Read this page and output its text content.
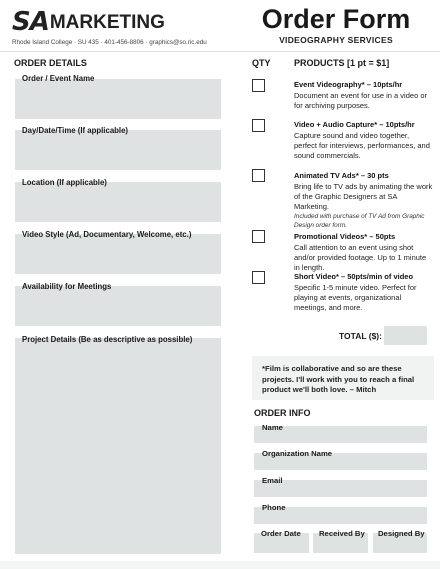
SA MARKETING
Rhode Island College · SU 435 · 401-456-8806 · graphics@so.ric.edu
Order Form
VIDEOGRAPHY SERVICES
ORDER DETAILS
Order / Event Name
Day/Date/Time (If applicable)
Location (If applicable)
Video Style (Ad, Documentary, Welcome, etc.)
Availability for Meetings
Project Details (Be as descriptive as possible)
QTY	PRODUCTS [1 pt = $1]
Event Videography* – 10pts/hr
Document an event for use in a video or for archiving purposes.
Video + Audio Capture* – 10pts/hr
Capture sound and video together, perfect for interviews, performances, and sound commercials.
Animated TV Ads* – 30 pts
Bring life to TV ads by animating the work of the Graphic Designers at SA Marketing.
Included with purchase of TV Ad from Graphic Design order form.
Promotional Videos* – 50pts
Call attention to an event using shot and/or provided footage. Up to 1 minute in length.
Short Video* – 50pts/min of video
Specific 1-5 minute video. Perfect for playing at events, organizational meetings, and more.
TOTAL ($):
*Film is collaborative and so are these projects. I'll work with you to reach a final product we'll both love. – Mitch
ORDER INFO
Name
Organization Name
Email
Phone
Order Date Received By Designed By
